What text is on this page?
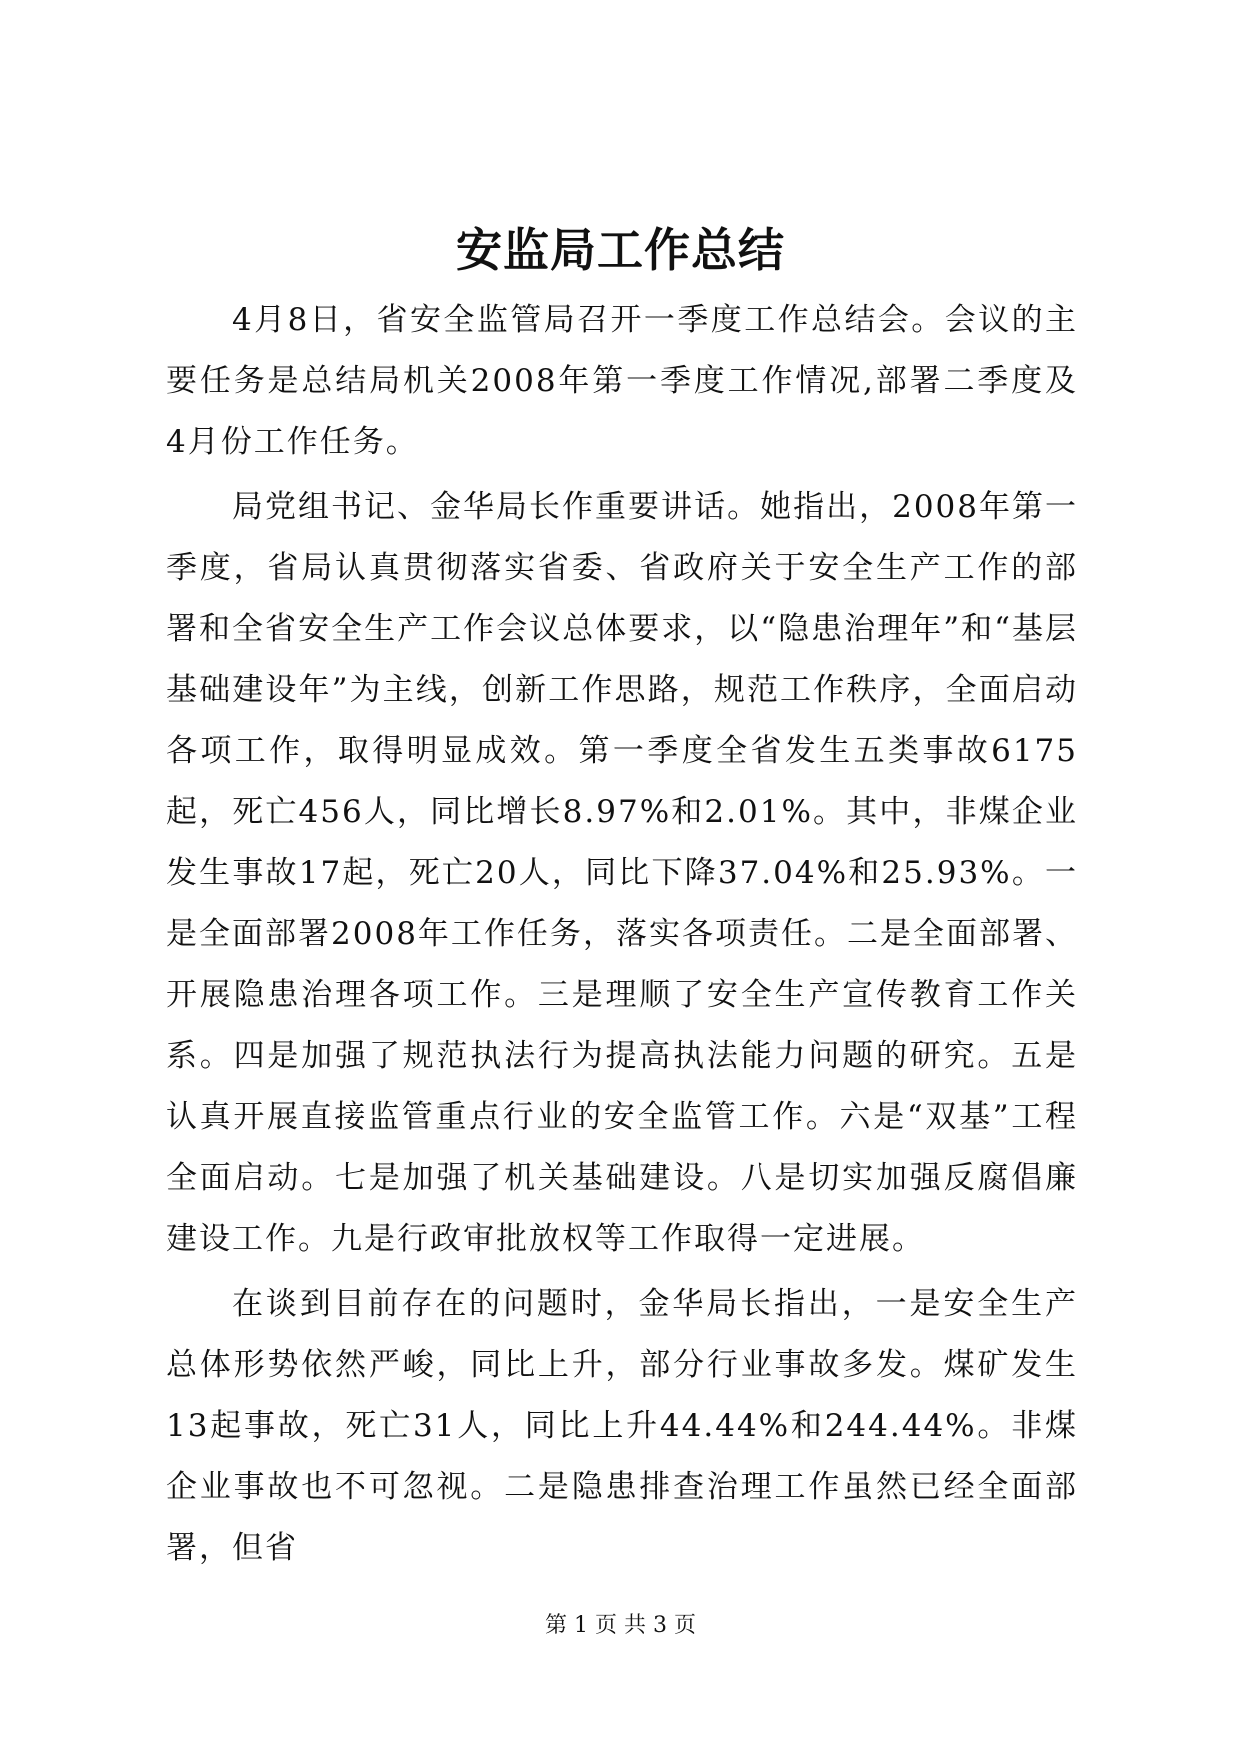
安监局工作总结

4月8日，省安全监管局召开一季度工作总结会。会议的主要任务是总结局机关2008年第一季度工作情况,部署二季度及4月份工作任务。

局党组书记、金华局长作重要讲话。她指出，2008年第一季度，省局认真贯彻落实省委、省政府关于安全生产工作的部署和全省安全生产工作会议总体要求，以“隐患治理年”和“基层基础建设年”为主线，创新工作思路，规范工作秩序，全面启动各项工作，取得明显成效。第一季度全省发生五类事故6175起，死亡456人，同比增长8.97%和2.01%。其中，非煤企业发生事故17起，死亡20人，同比下降37.04%和25.93%。一是全面部署2008年工作任务，落实各项责任。二是全面部署、开展隐患治理各项工作。三是理顺了安全生产宣传教育工作关系。四是加强了规范执法行为提高执法能力问题的研究。五是认真开展直接监管重点行业的安全监管工作。六是“双基”工程全面启动。七是加强了机关基础建设。八是切实加强反腐倡廉建设工作。九是行政审批放权等工作取得一定进展。

在谈到目前存在的问题时，金华局长指出，一是安全生产总体形势依然严峻，同比上升，部分行业事故多发。煤矿发生13起事故，死亡31人，同比上升44.44%和244.44%。非煤企业事故也不可忽视。二是隐患排查治理工作虽然已经全面部署，但省

第 1 页 共 3 页
